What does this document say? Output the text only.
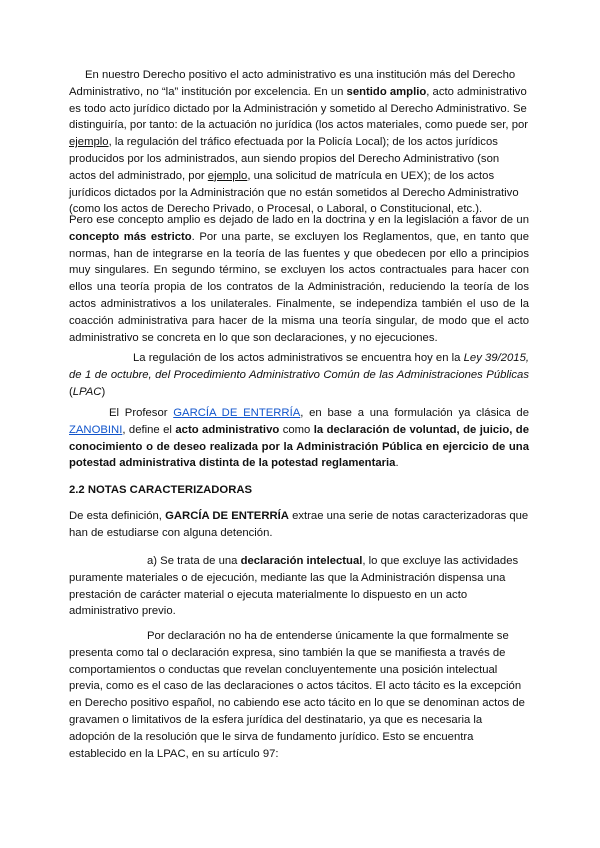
En nuestro Derecho positivo el acto administrativo es una institución más del Derecho Administrativo, no “la” institución por excelencia. En un sentido amplio, acto administrativo es todo acto jurídico dictado por la Administración y sometido al Derecho Administrativo. Se distinguiría, por tanto: de la actuación no jurídica (los actos materiales, como puede ser, por ejemplo, la regulación del tráfico efectuada por la Policía Local); de los actos jurídicos producidos por los administrados, aun siendo propios del Derecho Administrativo (son actos del administrado, por ejemplo, una solicitud de matrícula en UEX); de los actos jurídicos dictados por la Administración que no están sometidos al Derecho Administrativo (como los actos de Derecho Privado, o Procesal, o Laboral, o Constitucional, etc.).

Pero ese concepto amplio es dejado de lado en la doctrina y en la legislación a favor de un concepto más estricto. Por una parte, se excluyen los Reglamentos, que, en tanto que normas, han de integrarse en la teoría de las fuentes y que obedecen por ello a principios muy singulares. En segundo término, se excluyen los actos contractuales para hacer con ellos una teoría propia de los contratos de la Administración, reduciendo la teoría de los actos administrativos a los unilaterales. Finalmente, se independiza también el uso de la coacción administrativa para hacer de la misma una teoría singular, de modo que el acto administrativo se concreta en lo que son declaraciones, y no ejecuciones.

La regulación de los actos administrativos se encuentra hoy en la Ley 39/2015, de 1 de octubre, del Procedimiento Administrativo Común de las Administraciones Públicas (LPAC)

El Profesor GARCÍA DE ENTERRÍA, en base a una formulación ya clásica de ZANOBINI, define el acto administrativo como la declaración de voluntad, de juicio, de conocimiento o de deseo realizada por la Administración Pública en ejercicio de una potestad administrativa distinta de la potestad reglamentaria.

2.2 NOTAS CARACTERIZADORAS

De esta definición, GARCÍA DE ENTERRÍA extrae una serie de notas caracterizadoras que han de estudiarse con alguna detención.

a) Se trata de una declaración intelectual, lo que excluye las actividades puramente materiales o de ejecución, mediante las que la Administración dispensa una prestación de carácter material o ejecuta materialmente lo dispuesto en un acto administrativo previo.

Por declaración no ha de entenderse únicamente la que formalmente se presenta como tal o declaración expresa, sino también la que se manifiesta a través de comportamientos o conductas que revelan concluyentemente una posición intelectual previa, como es el caso de las declaraciones o actos tácitos. El acto tácito es la excepción en Derecho positivo español, no cabiendo ese acto tácito en lo que se denominan actos de gravamen o limitativos de la esfera jurídica del destinatario, ya que es necesaria la adopción de la resolución que le sirva de fundamento jurídico. Esto se encuentra establecido en la LPAC, en su artículo 97:
